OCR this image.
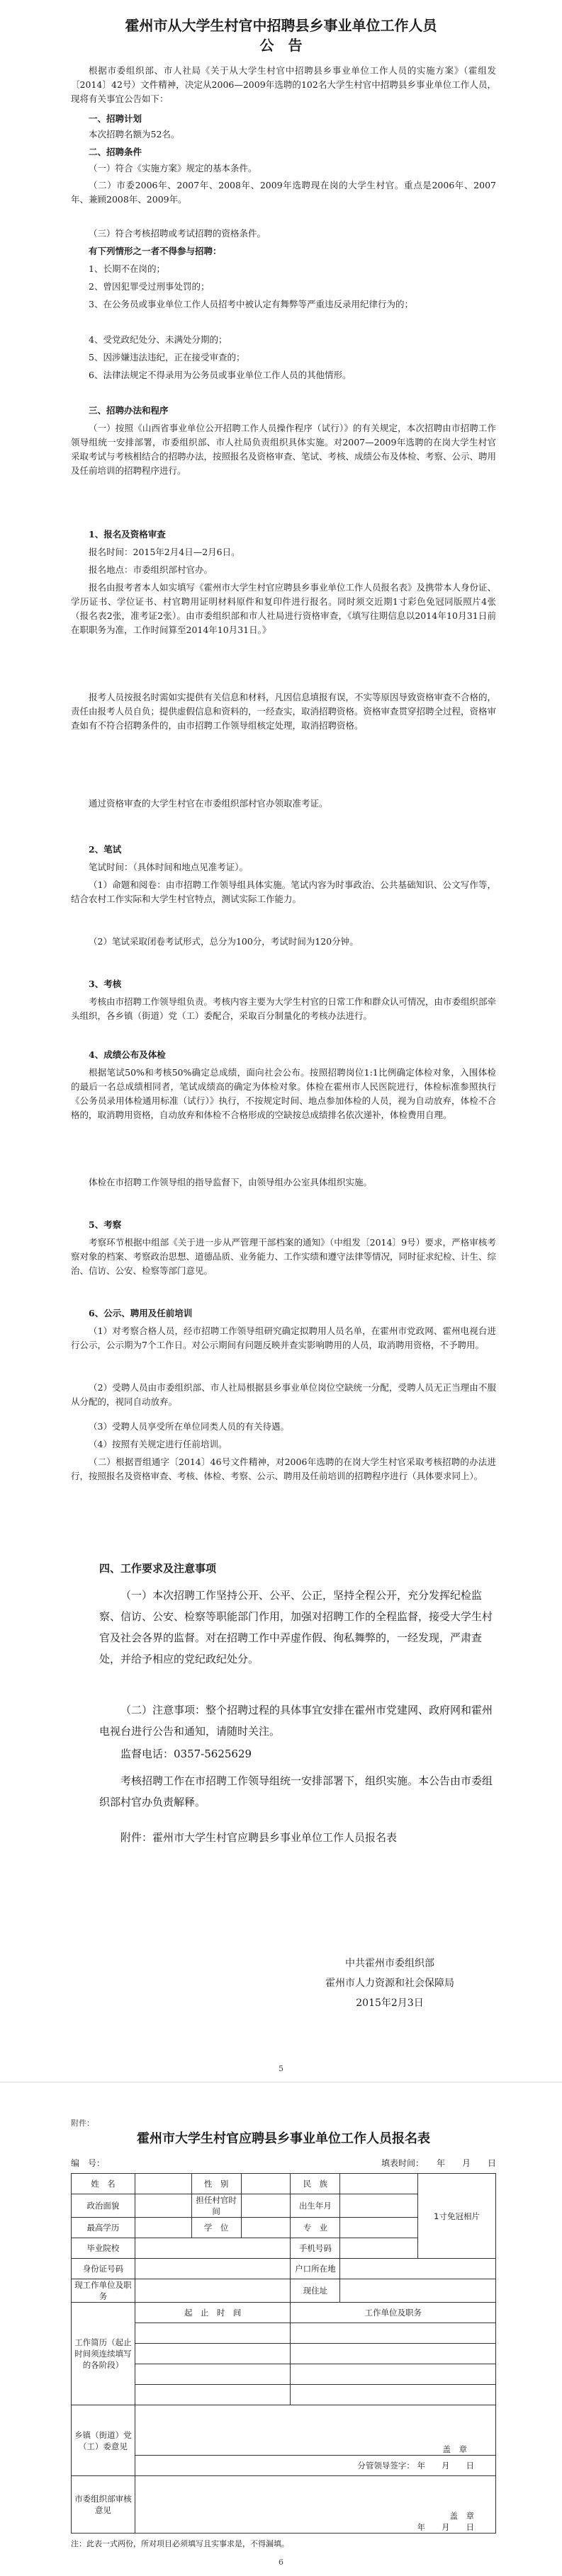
霍州市从大学生村官中招聘县乡事业单位工作人员
公　告

根据市委组织部、市人社局《关于从大学生村官中招聘县乡事业单位工作人员的实施方案》（霍组发〔2014〕42号）文件精神，决定从2006—2009年选聘的102名大学生村官中招聘县乡事业单位工作人员，现将有关事宜公告如下：

一、招聘计划

本次招聘名额为52名。

二、招聘条件

（一）符合《实施方案》规定的基本条件。

（二）市委2006年、2007年、2008年、2009年选聘现在岗的大学生村官。重点是2006年、2007年、兼顾2008年、2009年。

（三）符合考核招聘或考试招聘的资格条件。

有下列情形之一者不得参与招聘：

1、长期不在岗的；

2、曾因犯罪受过刑事处罚的；

3、在公务员或事业单位工作人员招考中被认定有舞弊等严重违反录用纪律行为的；

4、受党政纪处分、未满处分期的；

5、因涉嫌违法违纪，正在接受审查的；

6、法律法规定不得录用为公务员或事业单位工作人员的其他情形。

三、招聘办法和程序

（一）按照《山西省事业单位公开招聘工作人员操作程序（试行）》的有关规定，本次招聘由市招聘工作领导组统一安排部署，市委组织部、市人社局负责组织具体实施。对2007—2009年选聘的在岗大学生村官采取考试与考核相结合的招聘办法，按照报名及资格审查、笔试、考核、成绩公布及体检、考察、公示、聘用及任前培训的招聘程序进行。

1、报名及资格审查

报名时间：2015年2月4日—2月6日。

报名地点：市委组织部村官办。

报名由报考者本人如实填写《霍州市大学生村官应聘县乡事业单位工作人员报名表》及携带本人身份证、学历证书、学位证书、村官聘用证明材料原件和复印件进行报名。同时须交近期1寸彩色免冠同版照片4张（报名表2张，准考证2张）。由市委组织部和市人社局进行资格审查，《填写往期信息以2014年10月31日前在职职务为准，工作时间算至2014年10月31日。》

报考人员按报名时需如实提供有关信息和材料，凡因信息填报有误，不实等原因导致资格审查不合格的，责任由报考人员自负；提供虚假信息和资料的，一经查实，取消招聘资格。资格审查贯穿招聘全过程，资格审查如有不符合招聘条件的，由市招聘工作领导组核定处理，取消招聘资格。

通过资格审查的大学生村官在市委组织部村官办领取准考证。

2、笔试

笔试时间：（具体时间和地点见准考证）。

（1）命题和阅卷：由市招聘工作领导组具体实施。笔试内容为时事政治、公共基础知识、公文写作等，结合农村工作实际和大学生村官特点，测试实际工作能力。

（2）笔试采取闭卷考试形式，总分为100分，考试时间为120分钟。

3、考核

考核由市招聘工作领导组负责。考核内容主要为大学生村官的日常工作和群众认可情况，由市委组织部牵头组织，各乡镇（街道）党（工）委配合，采取百分制量化的考核办法进行。

4、成绩公布及体检

根据笔试50%和考核50%确定总成绩，面向社会公布。按照招聘岗位1:1比例确定体检对象，入围体检的最后一名总成绩相同者，笔试成绩高的确定为体检对象。体检在霍州市人民医院进行，体检标准参照执行《公务员录用体检通用标准（试行）》执行，不按规定时间、地点参加体检的人员，视为自动放弃，体检不合格的，取消聘用资格，自动放弃和体检不合格形成的空缺按总成绩排名依次递补，体检费用自理。

体检在市招聘工作领导组的指导监督下，由领导组办公室具体组织实施。

5、考察

考察环节根据中组部《关于进一步从严管理干部档案的通知》（中组发〔2014〕9号）要求，严格审核考察对象的档案、考察政治思想、道德品质、业务能力、工作实绩和遵守法律等情况，同时征求纪检、计生、综治、信访、公安、检察等部门意见。

6、公示、聘用及任前培训

（1）对考察合格人员，经市招聘工作领导组研究确定拟聘用人员名单，在霍州市党政网、霍州电视台进行公示，公示期为7个工作日。对公示期间有问题反映并查实影响聘用的人员，取消聘用资格，不予聘用。

（2）受聘人员由市委组织部、市人社局根据县乡事业单位岗位空缺统一分配，受聘人员无正当理由不服从分配的，视同自动放弃。

（3）受聘人员享受所在单位同类人员的有关待遇。

（4）按照有关规定进行任前培训。

（二）根据晋组通字〔2014〕46号文件精神，对2006年选聘的在岗大学生村官采取考核招聘的办法进行，按照报名及资格审查、考核、体检、考察、公示、聘用及任前培训的招聘程序进行（具体要求同上）。

四、工作要求及注意事项
（一）本次招聘工作坚持公开、公平、公正，坚持全程公开，充分发挥纪检监察、信访、公安、检察等职能部门作用，加强对招聘工作的全程监督，接受大学生村官及社会各界的监督。对在招聘工作中弄虚作假、徇私舞弊的，一经发现，严肃查处，并给予相应的党纪政纪处分。
（二）注意事项：整个招聘过程的具体事宜安排在霍州市党建网、政府网和霍州电视台进行公告和通知，请随时关注。
监督电话：0357-5625629
考核招聘工作在市招聘工作领导组统一安排部署下，组织实施。本公告由市委组织部村官办负责解释。
附件：霍州市大学生村官应聘县乡事业单位工作人员报名表
中共霍州市委组织部
霍州市人力资源和社会保障局
2015年2月3日
5
附件：
霍州市大学生村官应聘县乡事业单位工作人员报名表
编　号：	填表时间：　　年　　月　　日
姓　名		性　别		民　族		1寸免冠相片
政治面貌		担任村官时　间		出生年月		
最高学历		学　位		专　业		
毕业院校				手机号码		
身份证号码				户口所在地		
现工作单位及职务				现住址		
工作简历（起止时间须连续填写的各阶段）	起　止　时　间			工作单位及职务		

乡镇（街道）党（工）委意见	盖　章					
	分管领导签字： 年　　月　　日					
市委组织部审核意见	盖　章
年　　月　　日					
注：此表一式两份，所对项目必须填写且实事求是，不得漏填。
6
